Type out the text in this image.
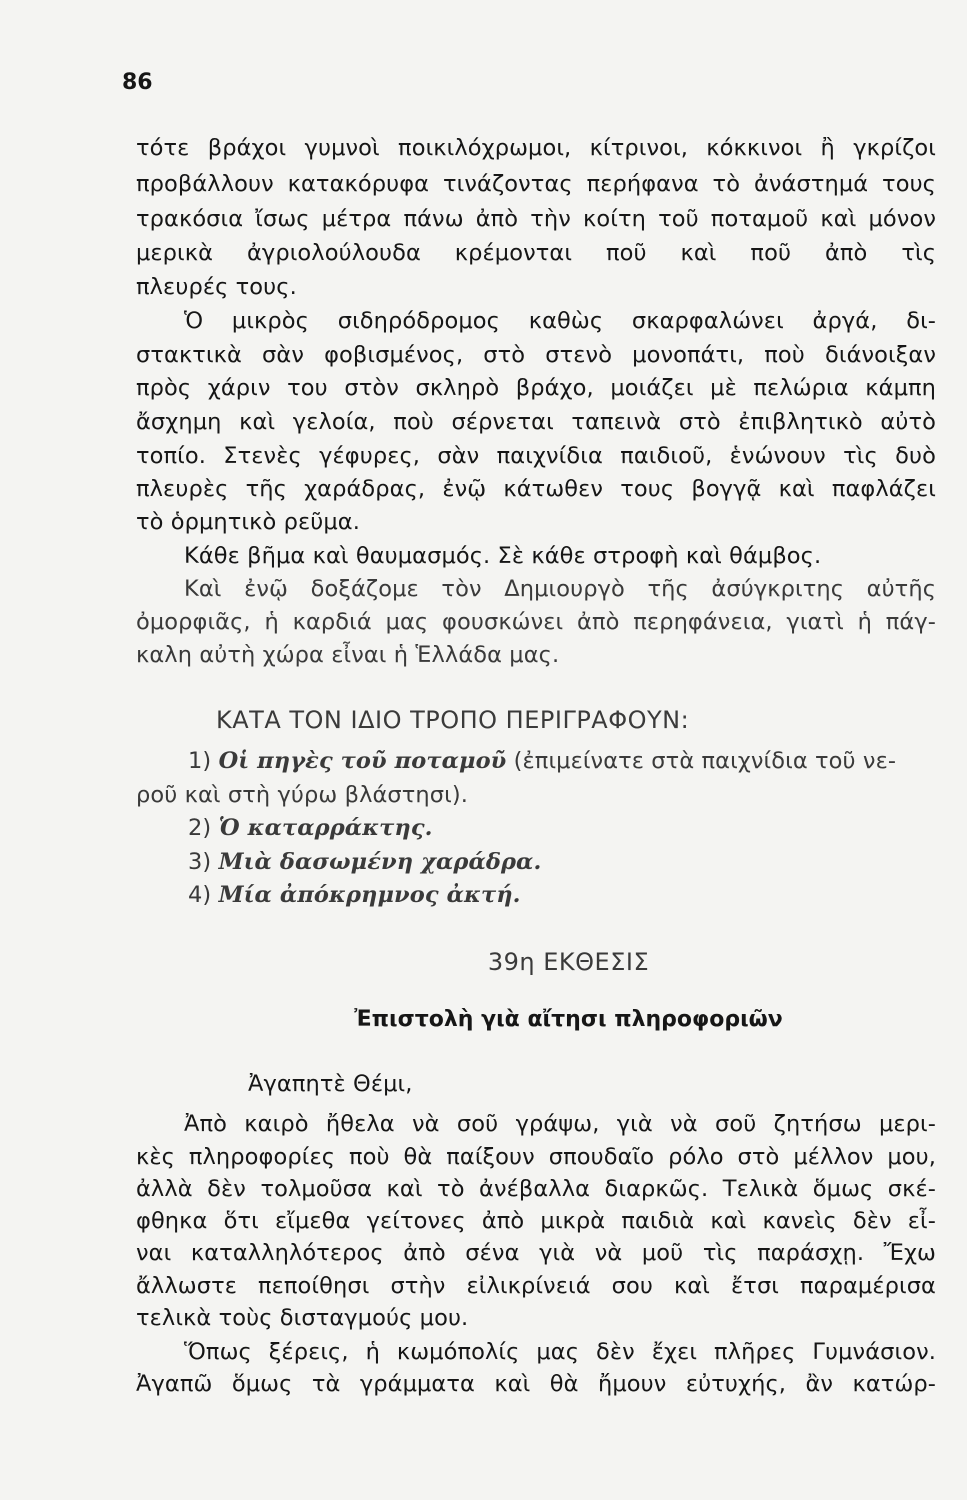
86
τότε βράχοι γυμνοὶ ποικιλόχρωμοι, κίτρινοι, κόκκινοι ἢ γκρίζοι
προβάλλουν κατακόρυφα τινάζοντας περήφανα τὸ ἀνάστημά τους
τρακόσια ἴσως μέτρα πάνω ἀπὸ τὴν κοίτη τοῦ ποταμοῦ καὶ μόνον
μερικὰ ἀγριολούλουδα κρέμονται ποῦ καὶ ποῦ ἀπὸ τὶς
πλευρές τους.
Ὁ μικρὸς σιδηρόδρομος καθὼς σκαρφαλώνει ἀργά, δι-
στακτικὰ σὰν φοβισμένος, στὸ στενὸ μονοπάτι, ποὺ διάνοιξαν
πρὸς χάριν του στὸν σκληρὸ βράχο, μοιάζει μὲ πελώρια κάμπη
ἄσχημη καὶ γελοία, ποὺ σέρνεται ταπεινὰ στὸ ἐπιβλητικὸ αὐτὸ
τοπίο. Στενὲς γέφυρες, σὰν παιχνίδια παιδιοῦ, ἑνώνουν τὶς δυὸ
πλευρὲς τῆς χαράδρας, ἐνῷ κάτωθεν τους βογγᾷ καὶ παφλάζει
τὸ ὁρμητικὸ ρεῦμα.
Κάθε βῆμα καὶ θαυμασμός. Σὲ κάθε στροφὴ καὶ θάμβος.
Καὶ ἐνῷ δοξάζομε τὸν Δημιουργὸ τῆς ἀσύγκριτης αὐτῆς
ὀμορφιᾶς, ἡ καρδιά μας φουσκώνει ἀπὸ περηφάνεια, γιατὶ ἡ πάγ-
καλη αὐτὴ χώρα εἶναι ἡ Ἑλλάδα μας.
ΚΑΤΑ ΤΟΝ ΙΔΙΟ ΤΡΟΠΟ ΠΕΡΙΓΡΑΦΟΥΝ:
1) Οἱ πηγὲς τοῦ ποταμοῦ (ἐπιμείνατε στὰ παιχνίδια τοῦ νε-
ροῦ καὶ στὴ γύρω βλάστησι).
2) Ὁ καταρράκτης.
3) Μιὰ δασωμένη χαράδρα.
4) Μία ἀπόκρημνος ἀκτή.
39η ΕΚΘΕΣΙΣ
Ἐπιστολὴ γιὰ αἴτησι πληροφοριῶν
Ἀγαπητὲ Θέμι,
Ἀπὸ καιρὸ ἤθελα νὰ σοῦ γράψω, γιὰ νὰ σοῦ ζητήσω μερι-
κὲς πληροφορίες ποὺ θὰ παίξουν σπουδαῖο ρόλο στὸ μέλλον μου,
ἀλλὰ δὲν τολμοῦσα καὶ τὸ ἀνέβαλλα διαρκῶς. Τελικὰ ὅμως σκέ-
φθηκα ὅτι εἴμεθα γείτονες ἀπὸ μικρὰ παιδιὰ καὶ κανεὶς δὲν εἶ-
ναι καταλληλότερος ἀπὸ σένα γιὰ νὰ μοῦ τὶς παράσχῃ. Ἔχω
ἄλλωστε πεποίθησι στὴν εἰλικρίνειά σου καὶ ἔτσι παραμέρισα
τελικὰ τοὺς δισταγμούς μου.
Ὅπως ξέρεις, ἡ κωμόπολίς μας δὲν ἔχει πλῆρες Γυμνάσιον.
Ἀγαπῶ ὅμως τὰ γράμματα καὶ θὰ ἤμουν εὐτυχής, ἂν κατώρ-
